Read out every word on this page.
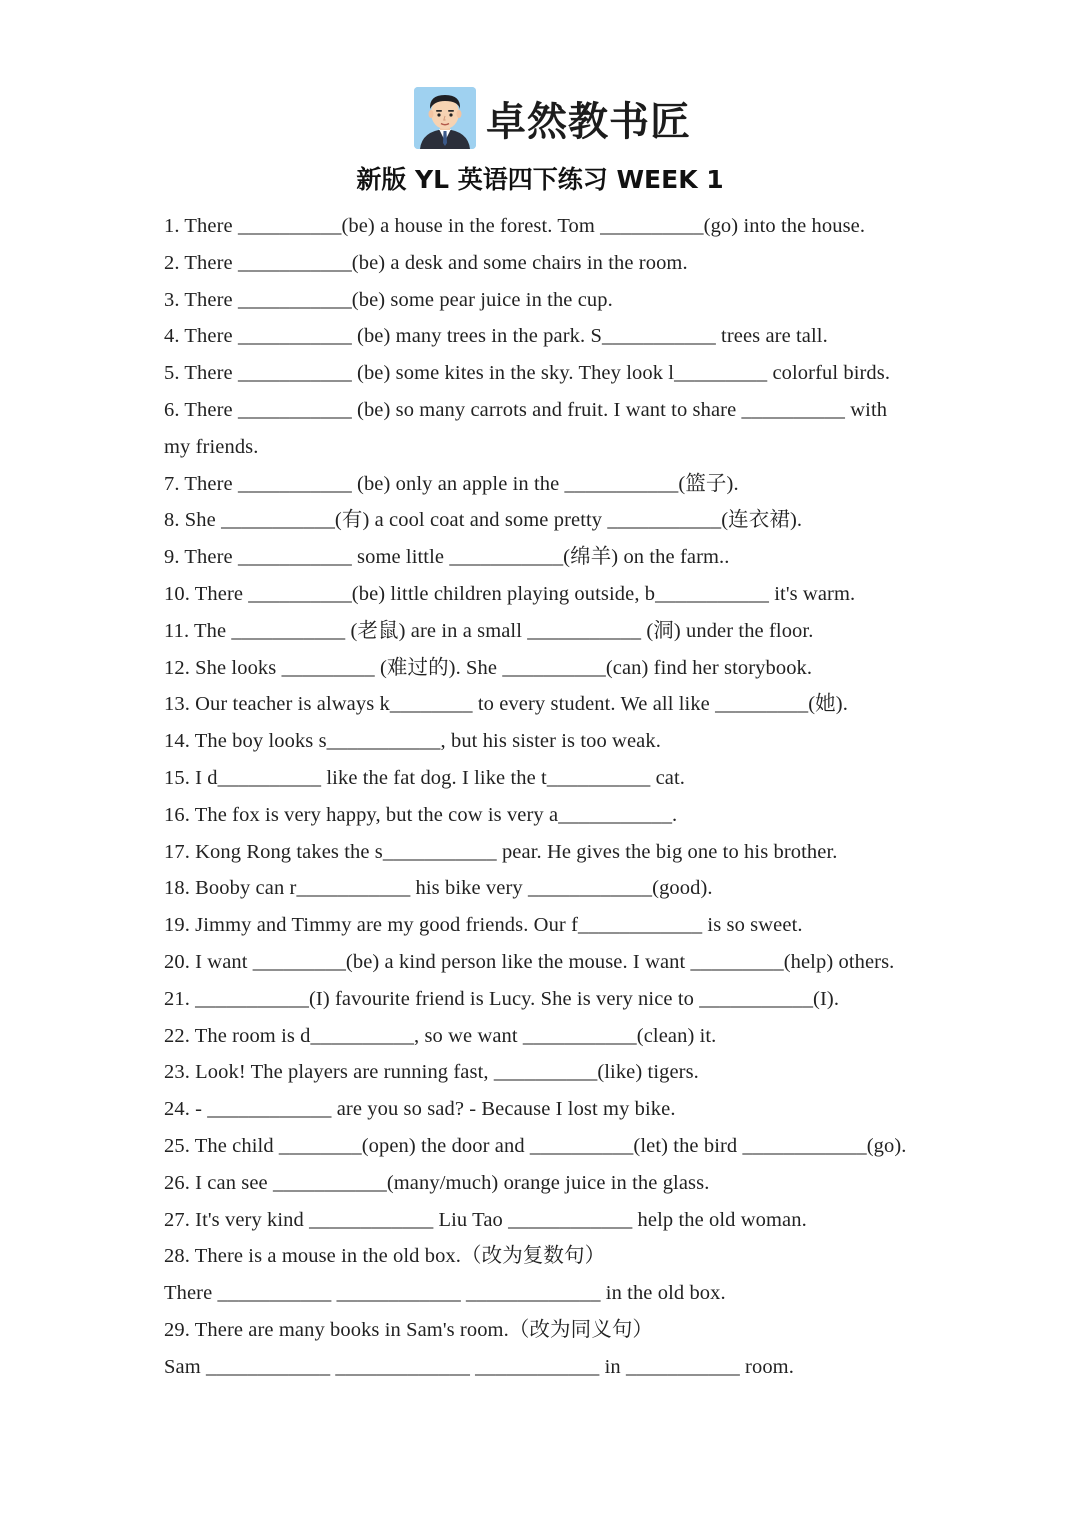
卓然教书匠
新版 YL 英语四下练习 WEEK 1
1. There __________(be) a house in the forest. Tom __________(go) into the house.
2. There ___________(be) a desk and some chairs in the room.
3. There ___________(be) some pear juice in the cup.
4. There ___________ (be) many trees in the park. S___________ trees are tall.
5. There ___________ (be) some kites in the sky. They look l_________ colorful birds.
6. There ___________ (be) so many carrots and fruit. I want to share __________ with
my friends.
7. There ___________ (be) only an apple in the ___________(篮子).
8. She ___________(有) a cool coat and some pretty ___________(连衣裙).
9. There ___________ some little ___________(绵羊) on the farm..
10. There __________(be) little children playing outside, b___________ it's warm.
11. The ___________ (老鼠) are in a small ___________ (洞) under the floor.
12. She looks _________ (难过的). She __________(can) find her storybook.
13. Our teacher is always k________ to every student. We all like _________(她).
14. The boy looks s___________, but his sister is too weak.
15. I d__________ like the fat dog. I like the t__________ cat.
16. The fox is very happy, but the cow is very a___________.
17. Kong Rong takes the s___________ pear. He gives the big one to his brother.
18. Booby can r___________ his bike very ____________(good).
19. Jimmy and Timmy are my good friends. Our f____________ is so sweet.
20. I want _________(be) a kind person like the mouse. I want _________(help) others.
21. ___________(I) favourite friend is Lucy. She is very nice to ___________(I).
22. The room is d__________, so we want ___________(clean) it.
23. Look! The players are running fast, __________(like) tigers.
24. - ____________ are you so sad? - Because I lost my bike.
25. The child ________(open) the door and __________(let) the bird ____________(go).
26. I can see ___________(many/much) orange juice in the glass.
27. It's very kind ____________ Liu Tao ____________ help the old woman.
28. There is a mouse in the old box.（改为复数句）
There ___________ ____________ _____________ in the old box.
29. There are many books in Sam's room.（改为同义句）
Sam ____________ _____________ ____________ in ___________ room.
